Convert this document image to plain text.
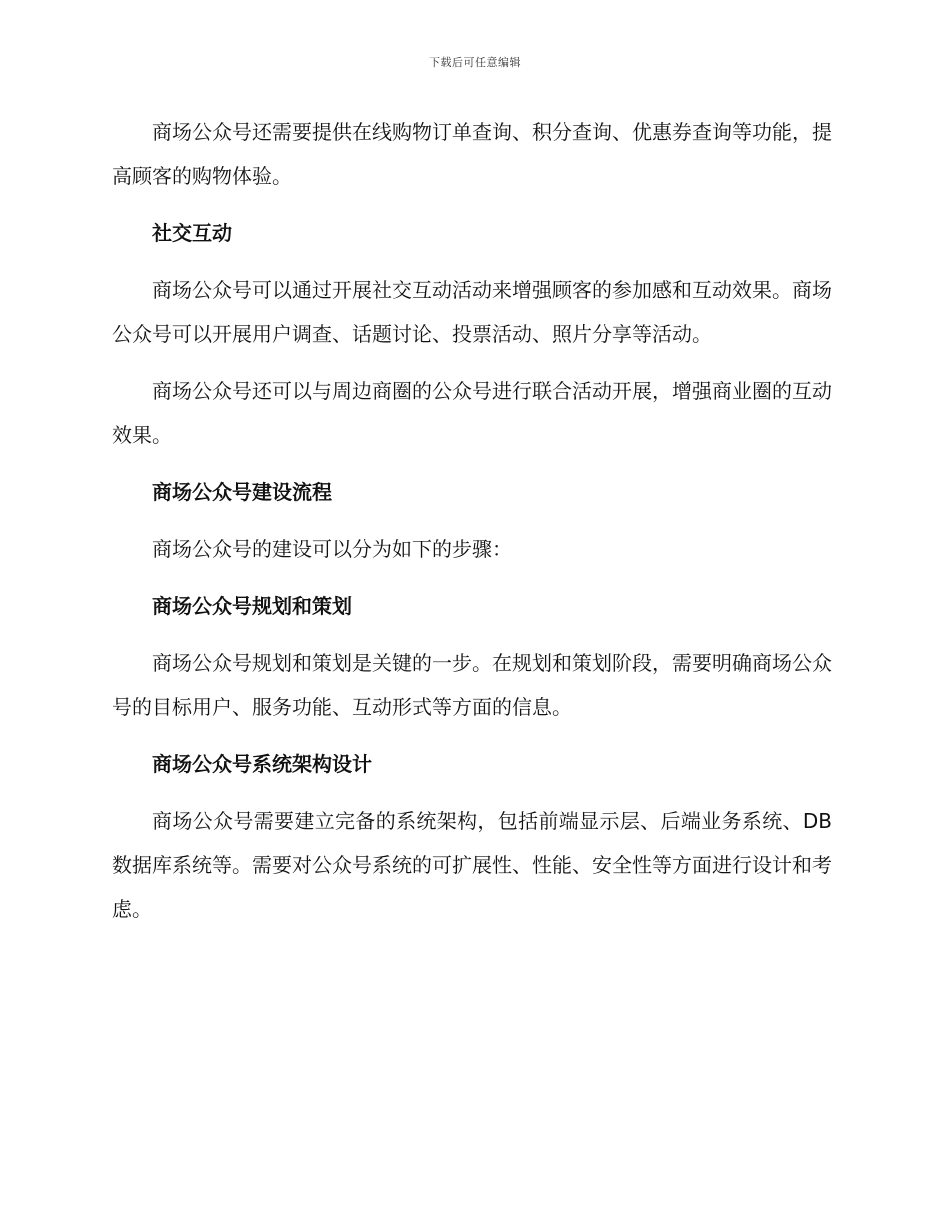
下载后可任意编辑

商场公众号还需要提供在线购物订单查询、积分查询、优惠券查询等功能，提高顾客的购物体验。

社交互动

商场公众号可以通过开展社交互动活动来增强顾客的参加感和互动效果。商场公众号可以开展用户调查、话题讨论、投票活动、照片分享等活动。

商场公众号还可以与周边商圈的公众号进行联合活动开展，增强商业圈的互动效果。

商场公众号建设流程

商场公众号的建设可以分为如下的步骤：

商场公众号规划和策划

商场公众号规划和策划是关键的一步。在规划和策划阶段，需要明确商场公众号的目标用户、服务功能、互动形式等方面的信息。

商场公众号系统架构设计

商场公众号需要建立完备的系统架构，包括前端显示层、后端业务系统、DB 数据库系统等。需要对公众号系统的可扩展性、性能、安全性等方面进行设计和考虑。
